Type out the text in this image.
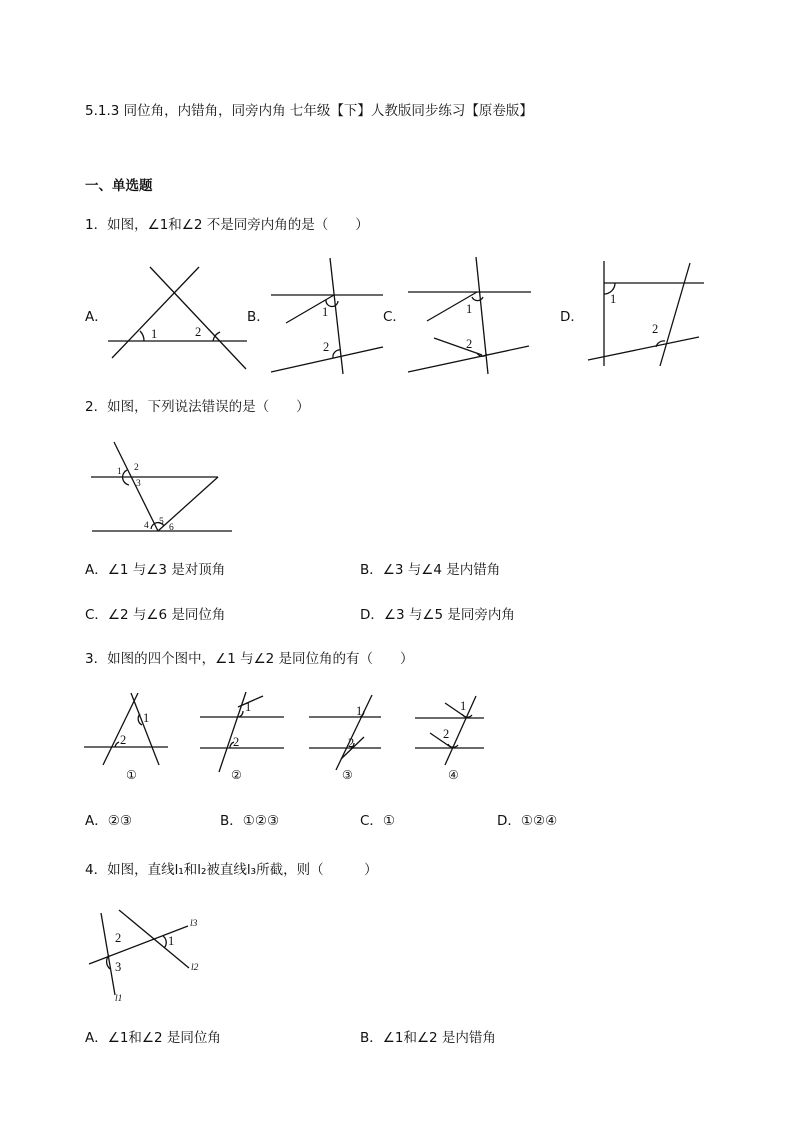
5.1.3 同位角，内错角，同旁内角 七年级【下】人教版同步练习【原卷版】
一、单选题
1．如图，∠1和∠2 不是同旁内角的是（　　）
A．	B．	C．	D．
1	2
1
2
1
2
1
2
2．如图，下列说法错误的是（　　）
1 2
3
4 5
6
A．∠1 与∠3 是对顶角	B．∠3 与∠4 是内错角
C．∠2 与∠6 是同位角	D．∠3 与∠5 是同旁内角
3．如图的四个图中，∠1 与∠2 是同位角的有（　　）
1
2
①
1
2
②
1
2
③
1
2
④
A．②③	B．①②③	C．①	D．①②④
4．如图，直线l₁和l₂被直线l₃所截，则（　　　）
2	1
3
l3
l2
l1
A．∠1和∠2 是同位角	B．∠1和∠2 是内错角
